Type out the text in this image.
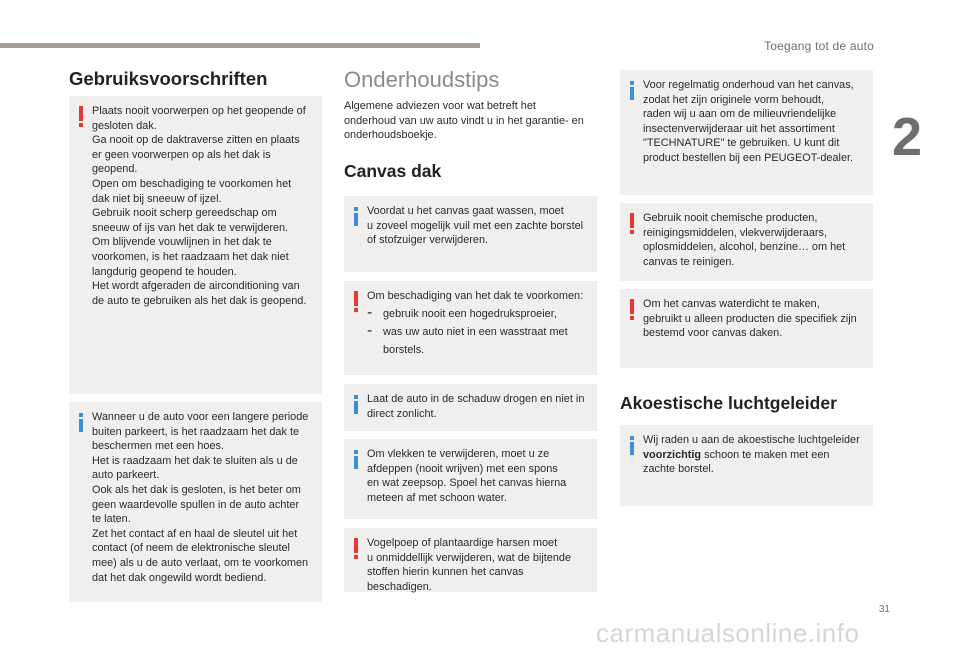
Toegang tot de auto
2
Gebruiksvoorschriften
Plaats nooit voorwerpen op het geopende of
gesloten dak.
Ga nooit op de daktraverse zitten en plaats
er geen voorwerpen op als het dak is
geopend.
Open om beschadiging te voorkomen het
dak niet bij sneeuw of ijzel.
Gebruik nooit scherp gereedschap om
sneeuw of ijs van het dak te verwijderen.
Om blijvende vouwlijnen in het dak te
voorkomen, is het raadzaam het dak niet
langdurig geopend te houden.
Het wordt afgeraden de airconditioning van
de auto te gebruiken als het dak is geopend.
Wanneer u de auto voor een langere periode
buiten parkeert, is het raadzaam het dak te
beschermen met een hoes.
Het is raadzaam het dak te sluiten als u de
auto parkeert.
Ook als het dak is gesloten, is het beter om
geen waardevolle spullen in de auto achter
te laten.
Zet het contact af en haal de sleutel uit het
contact (of neem de elektronische sleutel
mee) als u de auto verlaat, om te voorkomen
dat het dak ongewild wordt bediend.
Onderhoudstips

Algemene adviezen voor wat betreft het
onderhoud van uw auto vindt u in het garantie- en
onderhoudsboekje.

Canvas dak
Voordat u het canvas gaat wassen, moet
u zoveel mogelijk vuil met een zachte borstel
of stofzuiger verwijderen.
Om beschadiging van het dak te voorkomen:
- gebruik nooit een hogedruksproeier,
- was uw auto niet in een wasstraat met
borstels.
Laat de auto in de schaduw drogen en niet in
direct zonlicht.
Om vlekken te verwijderen, moet u ze
afdeppen (nooit wrijven) met een spons
en wat zeepsop. Spoel het canvas hierna
meteen af met schoon water.
Vogelpoep of plantaardige harsen moet
u onmiddellijk verwijderen, wat de bijtende
stoffen hierin kunnen het canvas beschadigen.
Voor regelmatig onderhoud van het canvas,
zodat het zijn originele vorm behoudt,
raden wij u aan om de milieuvriendelijke
insectenverwijderaar uit het assortiment
"TECHNATURE" te gebruiken. U kunt dit
product bestellen bij een PEUGEOT-dealer.
Gebruik nooit chemische producten,
reinigingsmiddelen, vlekverwijderaars,
oplosmiddelen, alcohol, benzine… om het
canvas te reinigen.
Om het canvas waterdicht te maken,
gebruikt u alleen producten die specifiek zijn
bestemd voor canvas daken.
Akoestische luchtgeleider
Wij raden u aan de akoestische luchtgeleider
voorzichtig schoon te maken met een
zachte borstel.
31
carmanualsonline.info
